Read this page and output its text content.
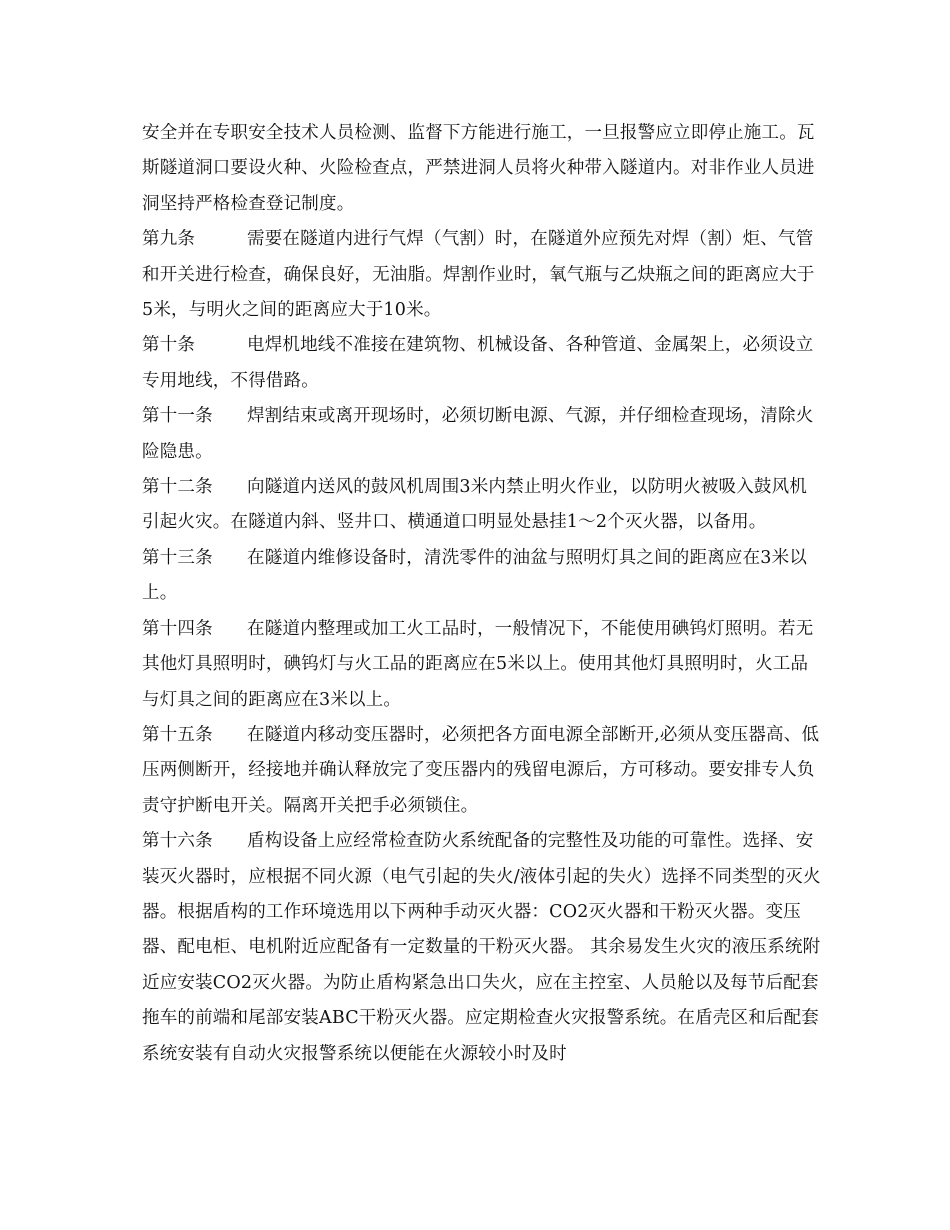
安全并在专职安全技术人员检测、监督下方能进行施工，一旦报警应立即停止施工。瓦斯隧道洞口要设火种、火险检查点，严禁进洞人员将火种带入隧道内。对非作业人员进洞坚持严格检查登记制度。

第九条	需要在隧道内进行气焊（气割）时，在隧道外应预先对焊（割）炬、气管和开关进行检查，确保良好，无油脂。焊割作业时，氧气瓶与乙炔瓶之间的距离应大于5米，与明火之间的距离应大于10米。

第十条	电焊机地线不准接在建筑物、机械设备、各种管道、金属架上，必须设立专用地线，不得借路。

第十一条 焊割结束或离开现场时，必须切断电源、气源，并仔细检查现场，清除火险隐患。

第十二条 向隧道内送风的鼓风机周围3米内禁止明火作业，以防明火被吸入鼓风机引起火灾。在隧道内斜、竖井口、横通道口明显处悬挂1～2个灭火器，以备用。

第十三条 在隧道内维修设备时，清洗零件的油盆与照明灯具之间的距离应在3米以上。

第十四条 在隧道内整理或加工火工品时，一般情况下，不能使用碘钨灯照明。若无其他灯具照明时，碘钨灯与火工品的距离应在5米以上。使用其他灯具照明时，火工品与灯具之间的距离应在3米以上。

第十五条 在隧道内移动变压器时，必须把各方面电源全部断开,必须从变压器高、低压两侧断开，经接地并确认释放完了变压器内的残留电源后，方可移动。要安排专人负责守护断电开关。隔离开关把手必须锁住。

第十六条 盾构设备上应经常检查防火系统配备的完整性及功能的可靠性。选择、安装灭火器时，应根据不同火源（电气引起的失火/液体引起的失火）选择不同类型的灭火器。根据盾构的工作环境选用以下两种手动灭火器：CO2灭火器和干粉灭火器。变压器、配电柜、电机附近应配备有一定数量的干粉灭火器。 其余易发生火灾的液压系统附近应安装CO2灭火器。为防止盾构紧急出口失火，应在主控室、人员舱以及每节后配套拖车的前端和尾部安装ABC干粉灭火器。应定期检查火灾报警系统。在盾壳区和后配套系统安装有自动火灾报警系统以便能在火源较小时及时
